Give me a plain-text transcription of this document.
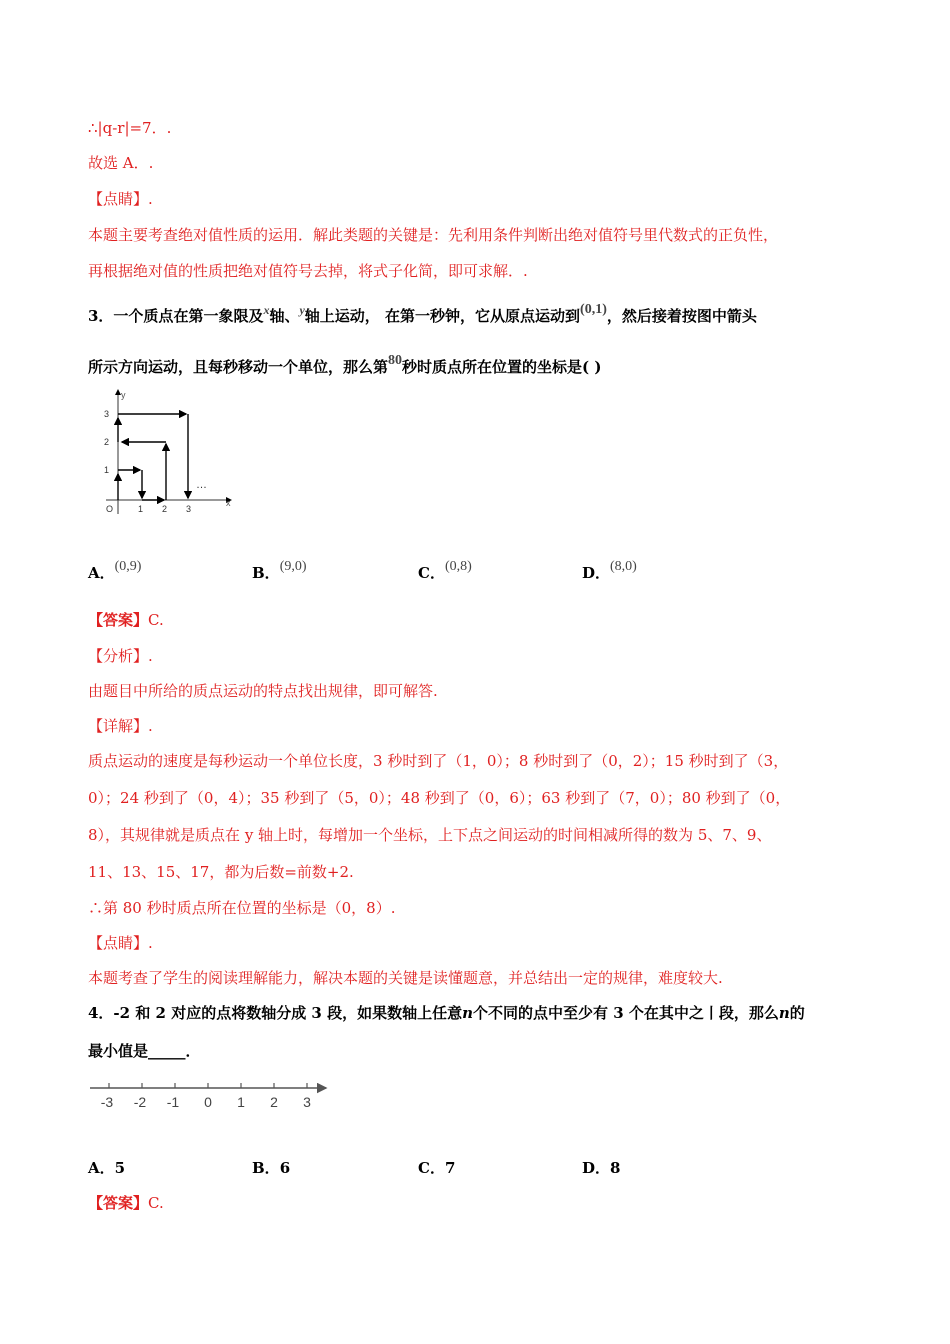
∴|q-r|=7．.
故选 A．.
【点睛】.
本题主要考查绝对值性质的运用．解此类题的关键是：先利用条件判断出绝对值符号里代数式的正负性，
再根据绝对值的性质把绝对值符号去掉，将式子化简，即可求解．.
3．一个质点在第一象限及$^x$轴、$^y$轴上运动， 在第一秒钟，它从原点运动到(0,1)，然后接着按图中箭头
所示方向运动，且每秒移动一个单位，那么第80秒时质点所在位置的坐标是( )
y
x
1
2
3
O	1 2 3
…
A．(0,9)	B．(9,0)	C．(0,8)	D．(8,0)
【答案】C.
【分析】.
由题目中所给的质点运动的特点找出规律，即可解答.
【详解】.
质点运动的速度是每秒运动一个单位长度，3 秒时到了（1，0）；8 秒时到了（0，2）；15 秒时到了（3，
0）；24 秒到了（0，4）；35 秒到了（5，0）；48 秒到了（0，6）；63 秒到了（7，0）；80 秒到了（0，
8），其规律就是质点在 y 轴上时，每增加一个坐标，上下点之间运动的时间相减所得的数为 5、7、9、
11、13、15、17，都为后数=前数+2.
∴第 80 秒时质点所在位置的坐标是（0，8）.
【点睛】.
本题考查了学生的阅读理解能力，解决本题的关键是读懂题意，并总结出一定的规律，难度较大.
4．-2 和 2 对应的点将数轴分成 3 段，如果数轴上任意n个不同的点中至少有 3 个在其中之丨段，那么n的
最小值是_____．
-3 -2 -1 0 1 2 3
A．5	B．6	C．7	D．8
【答案】C.
